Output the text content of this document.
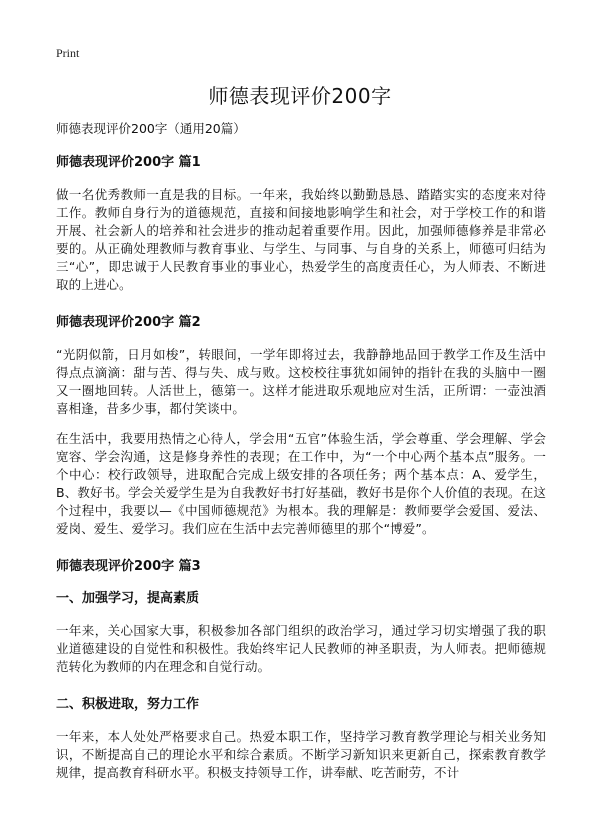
Print
师德表现评价200字

师德表现评价200字（通用20篇）

师德表现评价200字 篇1

做一名优秀教师一直是我的目标。一年来，我始终以勤勤恳恳、踏踏实实的态度来对待工作。教师自身行为的道德规范，直接和间接地影响学生和社会，对于学校工作的和谐开展、社会新人的培养和社会进步的推动起着重要作用。因此，加强师德修养是非常必要的。从正确处理教师与教育事业、与学生、与同事、与自身的关系上，师德可归结为三“心”，即忠诚于人民教育事业的事业心，热爱学生的高度责任心，为人师表、不断进取的上进心。

师德表现评价200字 篇2

“光阴似箭，日月如梭”，转眼间，一学年即将过去，我静静地品回于教学工作及生活中得点点滴滴：甜与苦、得与失、成与败。这校校往事犹如闹钟的指针在我的头脑中一圈又一圈地回转。人活世上，德第一。这样才能进取乐观地应对生活，正所谓：一壶浊酒喜相逢，昔多少事，都付笑谈中。

在生活中，我要用热情之心待人，学会用“五官”体验生活，学会尊重、学会理解、学会宽容、学会沟通，这是修身养性的表现；在工作中，为“一个中心两个基本点”服务。一个中心：校行政领导，进取配合完成上级安排的各项任务；两个基本点：A、爱学生，B、教好书。学会关爱学生是为自我教好书打好基础，教好书是你个人价值的表现。在这个过程中，我要以—《中国师德规范》为根本。我的理解是：教师要学会爱国、爱法、爱岗、爱生、爱学习。我们应在生活中去完善师德里的那个“博爱”。

师德表现评价200字 篇3

一、加强学习，提高素质

一年来，关心国家大事，积极参加各部门组织的政治学习，通过学习切实增强了我的职业道德建设的自觉性和积极性。我始终牢记人民教师的神圣职责，为人师表。把师德规范转化为教师的内在理念和自觉行动。

二、积极进取，努力工作

一年来，本人处处严格要求自己。热爱本职工作，坚持学习教育教学理论与相关业务知识，不断提高自己的理论水平和综合素质。不断学习新知识来更新自己，探索教育教学规律，提高教育科研水平。积极支持领导工作，讲奉献、吃苦耐劳，不计
